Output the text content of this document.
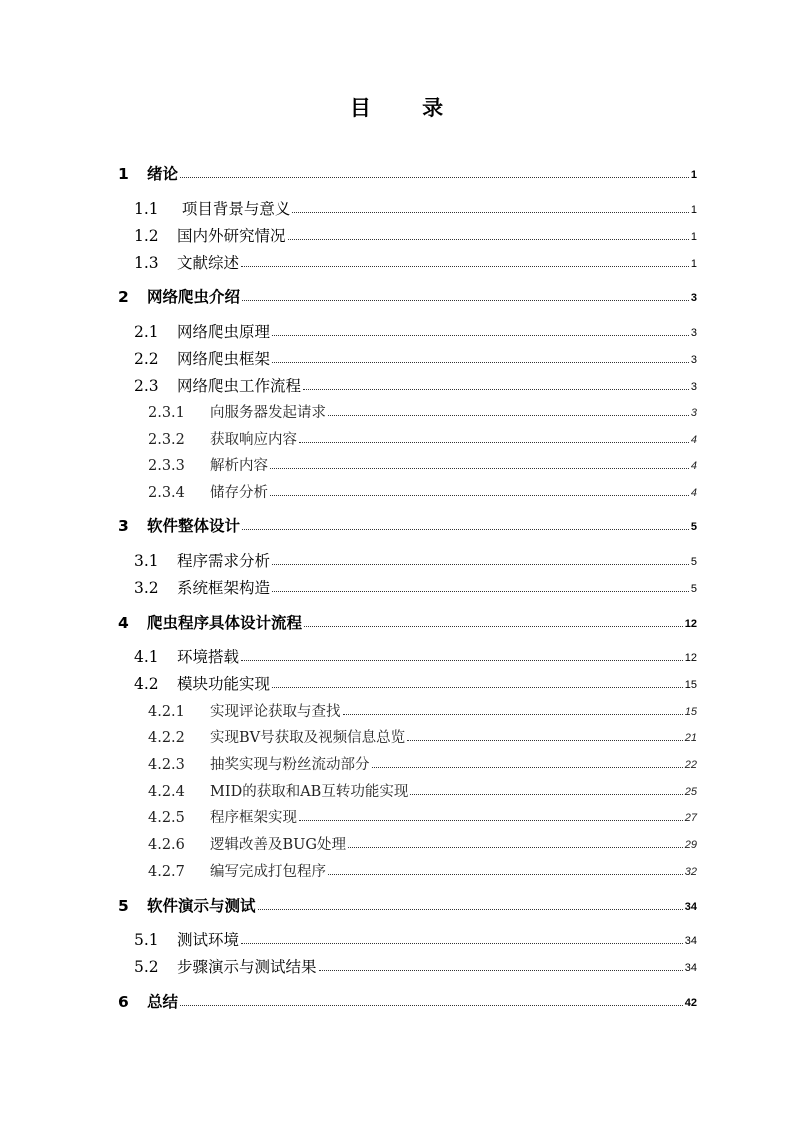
目 录
1 绪论	1
1.1 项目背景与意义	1
1.2 国内外研究情况	1
1.3 文献综述	1
2 网络爬虫介绍	3
2.1 网络爬虫原理	3
2.2 网络爬虫框架	3
2.3 网络爬虫工作流程	3
2.3.1 向服务器发起请求	3
2.3.2 获取响应内容	4
2.3.3 解析内容	4
2.3.4 储存分析	4
3 软件整体设计	5
3.1 程序需求分析	5
3.2 系统框架构造	5
4 爬虫程序具体设计流程	12
4.1 环境搭载	12
4.2 模块功能实现	15
4.2.1 实现评论获取与查找	15
4.2.2 实现BV号获取及视频信息总览	21
4.2.3 抽奖实现与粉丝流动部分	22
4.2.4 MID的获取和AB互转功能实现	25
4.2.5 程序框架实现	27
4.2.6 逻辑改善及BUG处理	29
4.2.7 编写完成打包程序	32
5 软件演示与测试	34
5.1 测试环境	34
5.2 步骤演示与测试结果	34
6 总结	42
